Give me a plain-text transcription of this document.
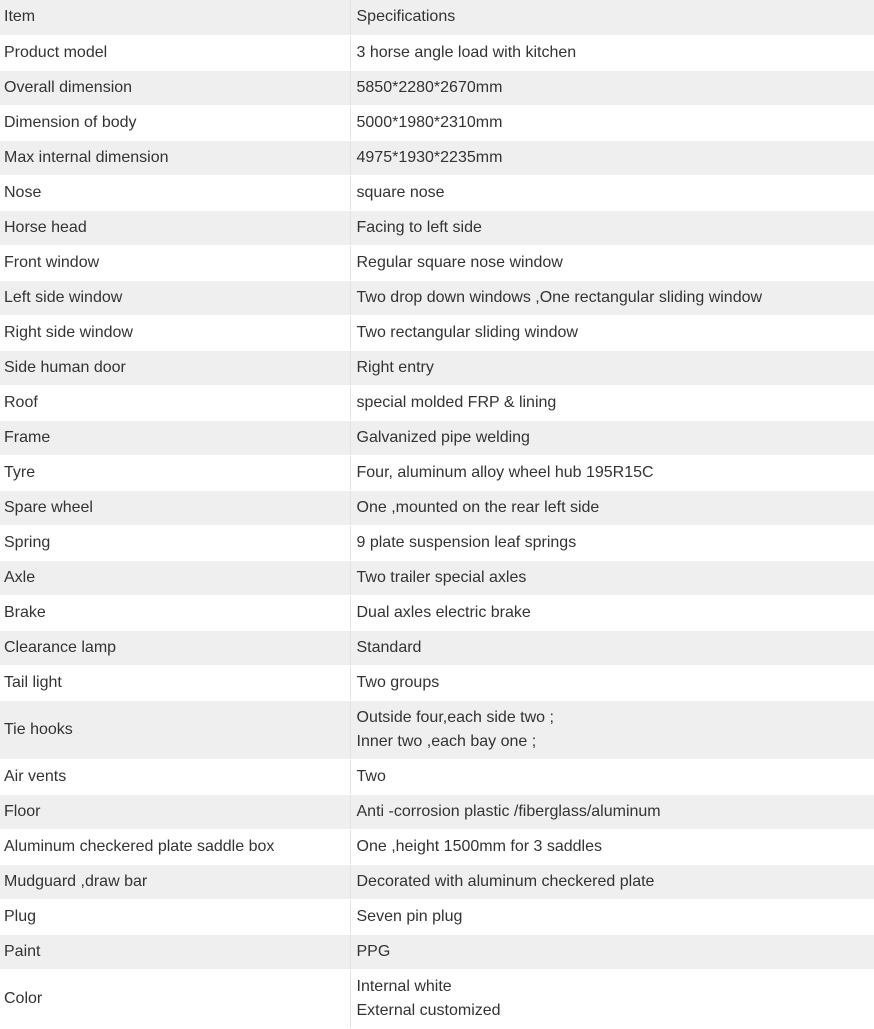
Item	Specifications
Product model	3 horse angle load with kitchen

Overall dimension	5850*2280*2670mm

Dimension of body	5000*1980*2310mm

Max internal dimension	4975*1930*2235mm

Nose	square nose

Horse head	Facing to left side

Front window	Regular square nose window

Left side window	Two drop down windows ,One rectangular sliding window

Right side window	Two rectangular sliding window

Side human door	Right entry

Roof	special molded FRP & lining

Frame	Galvanized pipe welding

Tyre	Four, aluminum alloy wheel hub 195R15C

Spare wheel	One ,mounted on the rear left side

Spring	9 plate suspension leaf springs

Axle	Two trailer special axles

Brake	Dual axles electric brake

Clearance lamp	Standard

Tail light	Two groups

Tie hooks	Outside four,each side two ;
Inner two ,each bay one ;

Air vents	Two

Floor	Anti -corrosion plastic /fiberglass/aluminum

Aluminum checkered plate saddle box	One ,height 1500mm for 3 saddles

Mudguard ,draw bar	Decorated with aluminum checkered plate

Plug	Seven pin plug

Paint	PPG

Color	Internal white
External customized
